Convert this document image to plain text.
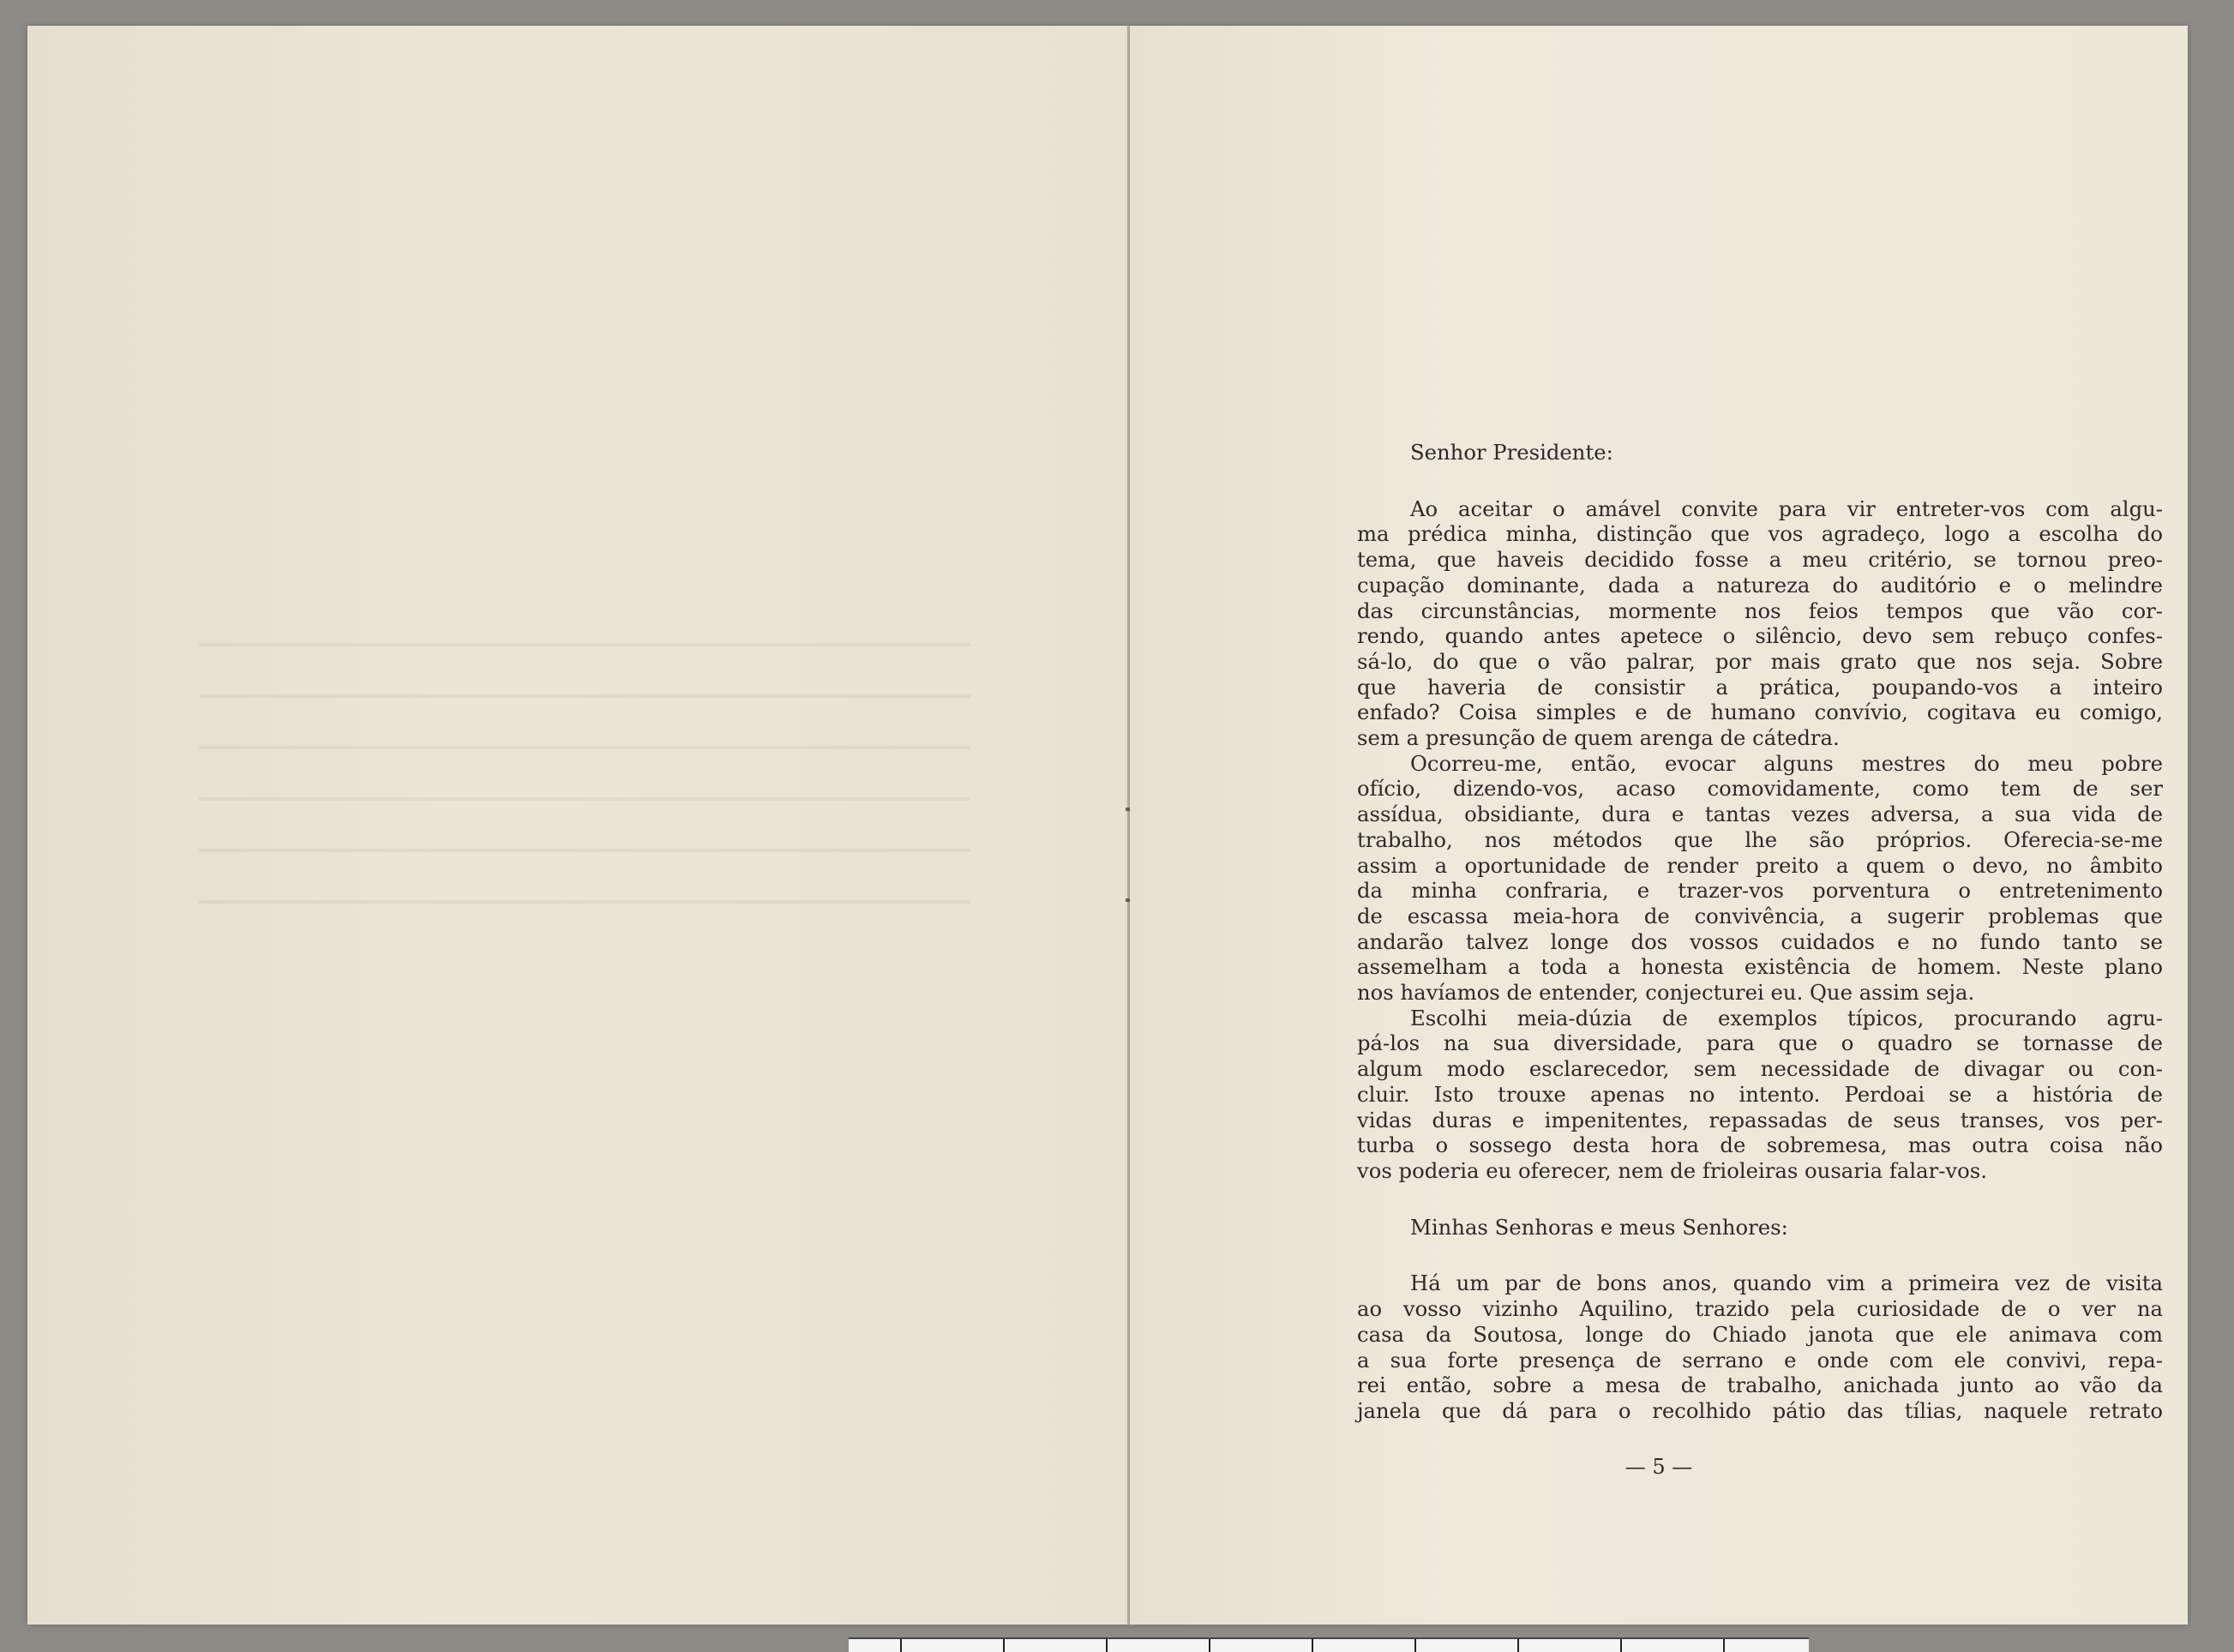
Senhor Presidente:

Ao aceitar o amável convite para vir entreter-vos com algu-
ma prédica minha, distinção que vos agradeço, logo a escolha do
tema, que haveis decidido fosse a meu critério, se tornou preo-
cupação dominante, dada a natureza do auditório e o melindre
das circunstâncias, mormente nos feios tempos que vão cor-
rendo, quando antes apetece o silêncio, devo sem rebuço confes-
sá-lo, do que o vão palrar, por mais grato que nos seja. Sobre
que haveria de consistir a prática, poupando-vos a inteiro
enfado? Coisa simples e de humano convívio, cogitava eu comigo,
sem a presunção de quem arenga de cátedra.

Ocorreu-me, então, evocar alguns mestres do meu pobre
ofício, dizendo-vos, acaso comovidamente, como tem de ser
assídua, obsidiante, dura e tantas vezes adversa, a sua vida de
trabalho, nos métodos que lhe são próprios. Oferecia-se-me
assim a oportunidade de render preito a quem o devo, no âmbito
da minha confraria, e trazer-vos porventura o entretenimento
de escassa meia-hora de convivência, a sugerir problemas que
andarão talvez longe dos vossos cuidados e no fundo tanto se
assemelham a toda a honesta existência de homem. Neste plano
nos havíamos de entender, conjecturei eu. Que assim seja.

Escolhi meia-dúzia de exemplos típicos, procurando agru-
pá-los na sua diversidade, para que o quadro se tornasse de
algum modo esclarecedor, sem necessidade de divagar ou con-
cluir. Isto trouxe apenas no intento. Perdoai se a história de
vidas duras e impenitentes, repassadas de seus transes, vos per-
turba o sossego desta hora de sobremesa, mas outra coisa não
vos poderia eu oferecer, nem de frioleiras ousaria falar-vos.

Minhas Senhoras e meus Senhores:

Há um par de bons anos, quando vim a primeira vez de visita
ao vosso vizinho Aquilino, trazido pela curiosidade de o ver na
casa da Soutosa, longe do Chiado janota que ele animava com
a sua forte presença de serrano e onde com ele convivi, repa-
rei então, sobre a mesa de trabalho, anichada junto ao vão da
janela que dá para o recolhido pátio das tílias, naquele retrato

— 5 —
